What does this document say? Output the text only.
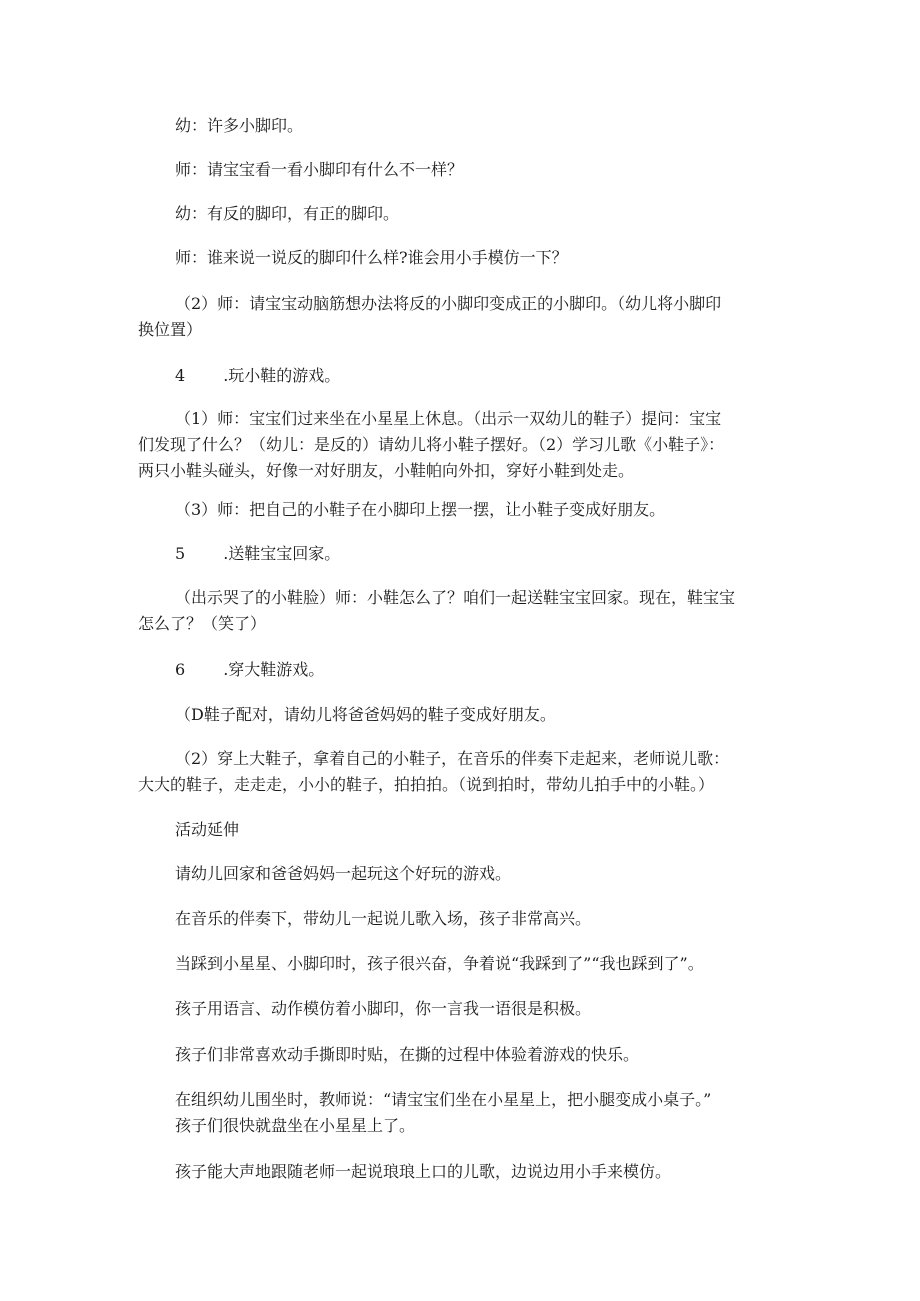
幼：许多小脚印。
师：请宝宝看一看小脚印有什么不一样？
幼：有反的脚印，有正的脚印。
师：谁来说一说反的脚印什么样?谁会用小手模仿一下？
（2）师：请宝宝动脑筋想办法将反的小脚印变成正的小脚印。（幼儿将小脚印
换位置）
4 .玩小鞋的游戏。
（1）师：宝宝们过来坐在小星星上休息。（出示一双幼儿的鞋子）提问：宝宝
们发现了什么？（幼儿：是反的）请幼儿将小鞋子摆好。（2）学习儿歌《小鞋子》：
两只小鞋头碰头，好像一对好朋友，小鞋帕向外扣，穿好小鞋到处走。
（3）师：把自己的小鞋子在小脚印上摆一摆，让小鞋子变成好朋友。
5 .送鞋宝宝回家。
（出示哭了的小鞋脸）师：小鞋怎么了？咱们一起送鞋宝宝回家。现在，鞋宝宝
怎么了？（笑了）
6 .穿大鞋游戏。
（D鞋子配对，请幼儿将爸爸妈妈的鞋子变成好朋友。
（2）穿上大鞋子，拿着自己的小鞋子，在音乐的伴奏下走起来，老师说儿歌：
大大的鞋子，走走走，小小的鞋子，拍拍拍。（说到拍时，带幼儿拍手中的小鞋。）
活动延伸
请幼儿回家和爸爸妈妈一起玩这个好玩的游戏。
在音乐的伴奏下，带幼儿一起说儿歌入场，孩子非常高兴。
当踩到小星星、小脚印时，孩子很兴奋，争着说“我踩到了”“我也踩到了”。
孩子用语言、动作模仿着小脚印，你一言我一语很是积极。
孩子们非常喜欢动手撕即时贴，在撕的过程中体验着游戏的快乐。
在组织幼儿围坐时，教师说：“请宝宝们坐在小星星上，把小腿变成小桌子。”
孩子们很快就盘坐在小星星上了。
孩子能大声地跟随老师一起说琅琅上口的儿歌，边说边用小手来模仿。
